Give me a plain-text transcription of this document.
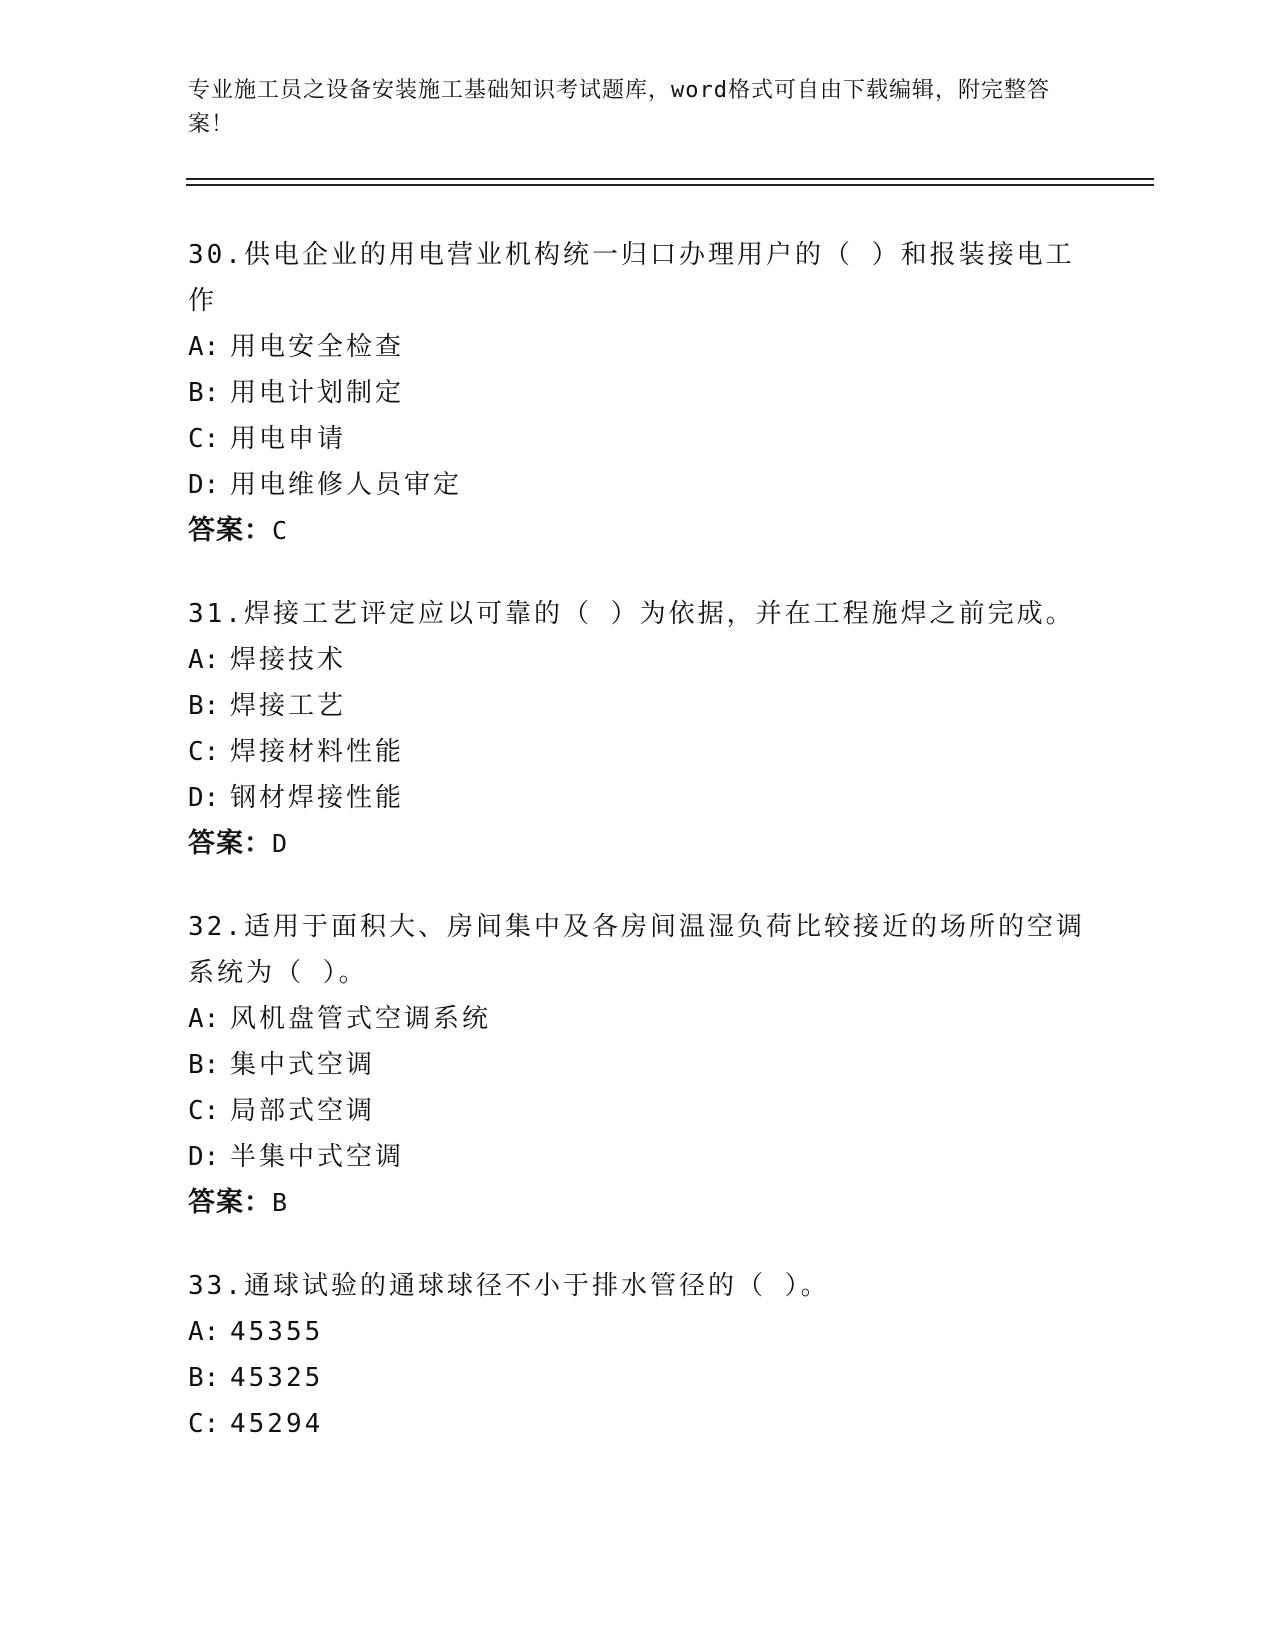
专业施工员之设备安装施工基础知识考试题库，word格式可自由下载编辑，附完整答案！
30.供电企业的用电营业机构统一归口办理用户的（ ）和报装接电工作
A: 用电安全检查
B: 用电计划制定
C: 用电申请
D: 用电维修人员审定
答案：C
31.焊接工艺评定应以可靠的（ ）为依据，并在工程施焊之前完成。
A: 焊接技术
B: 焊接工艺
C: 焊接材料性能
D: 钢材焊接性能
答案：D
32.适用于面积大、房间集中及各房间温湿负荷比较接近的场所的空调系统为（ ）。
A: 风机盘管式空调系统
B: 集中式空调
C: 局部式空调
D: 半集中式空调
答案：B
33.通球试验的通球球径不小于排水管径的（ ）。
A: 45355
B: 45325
C: 45294
